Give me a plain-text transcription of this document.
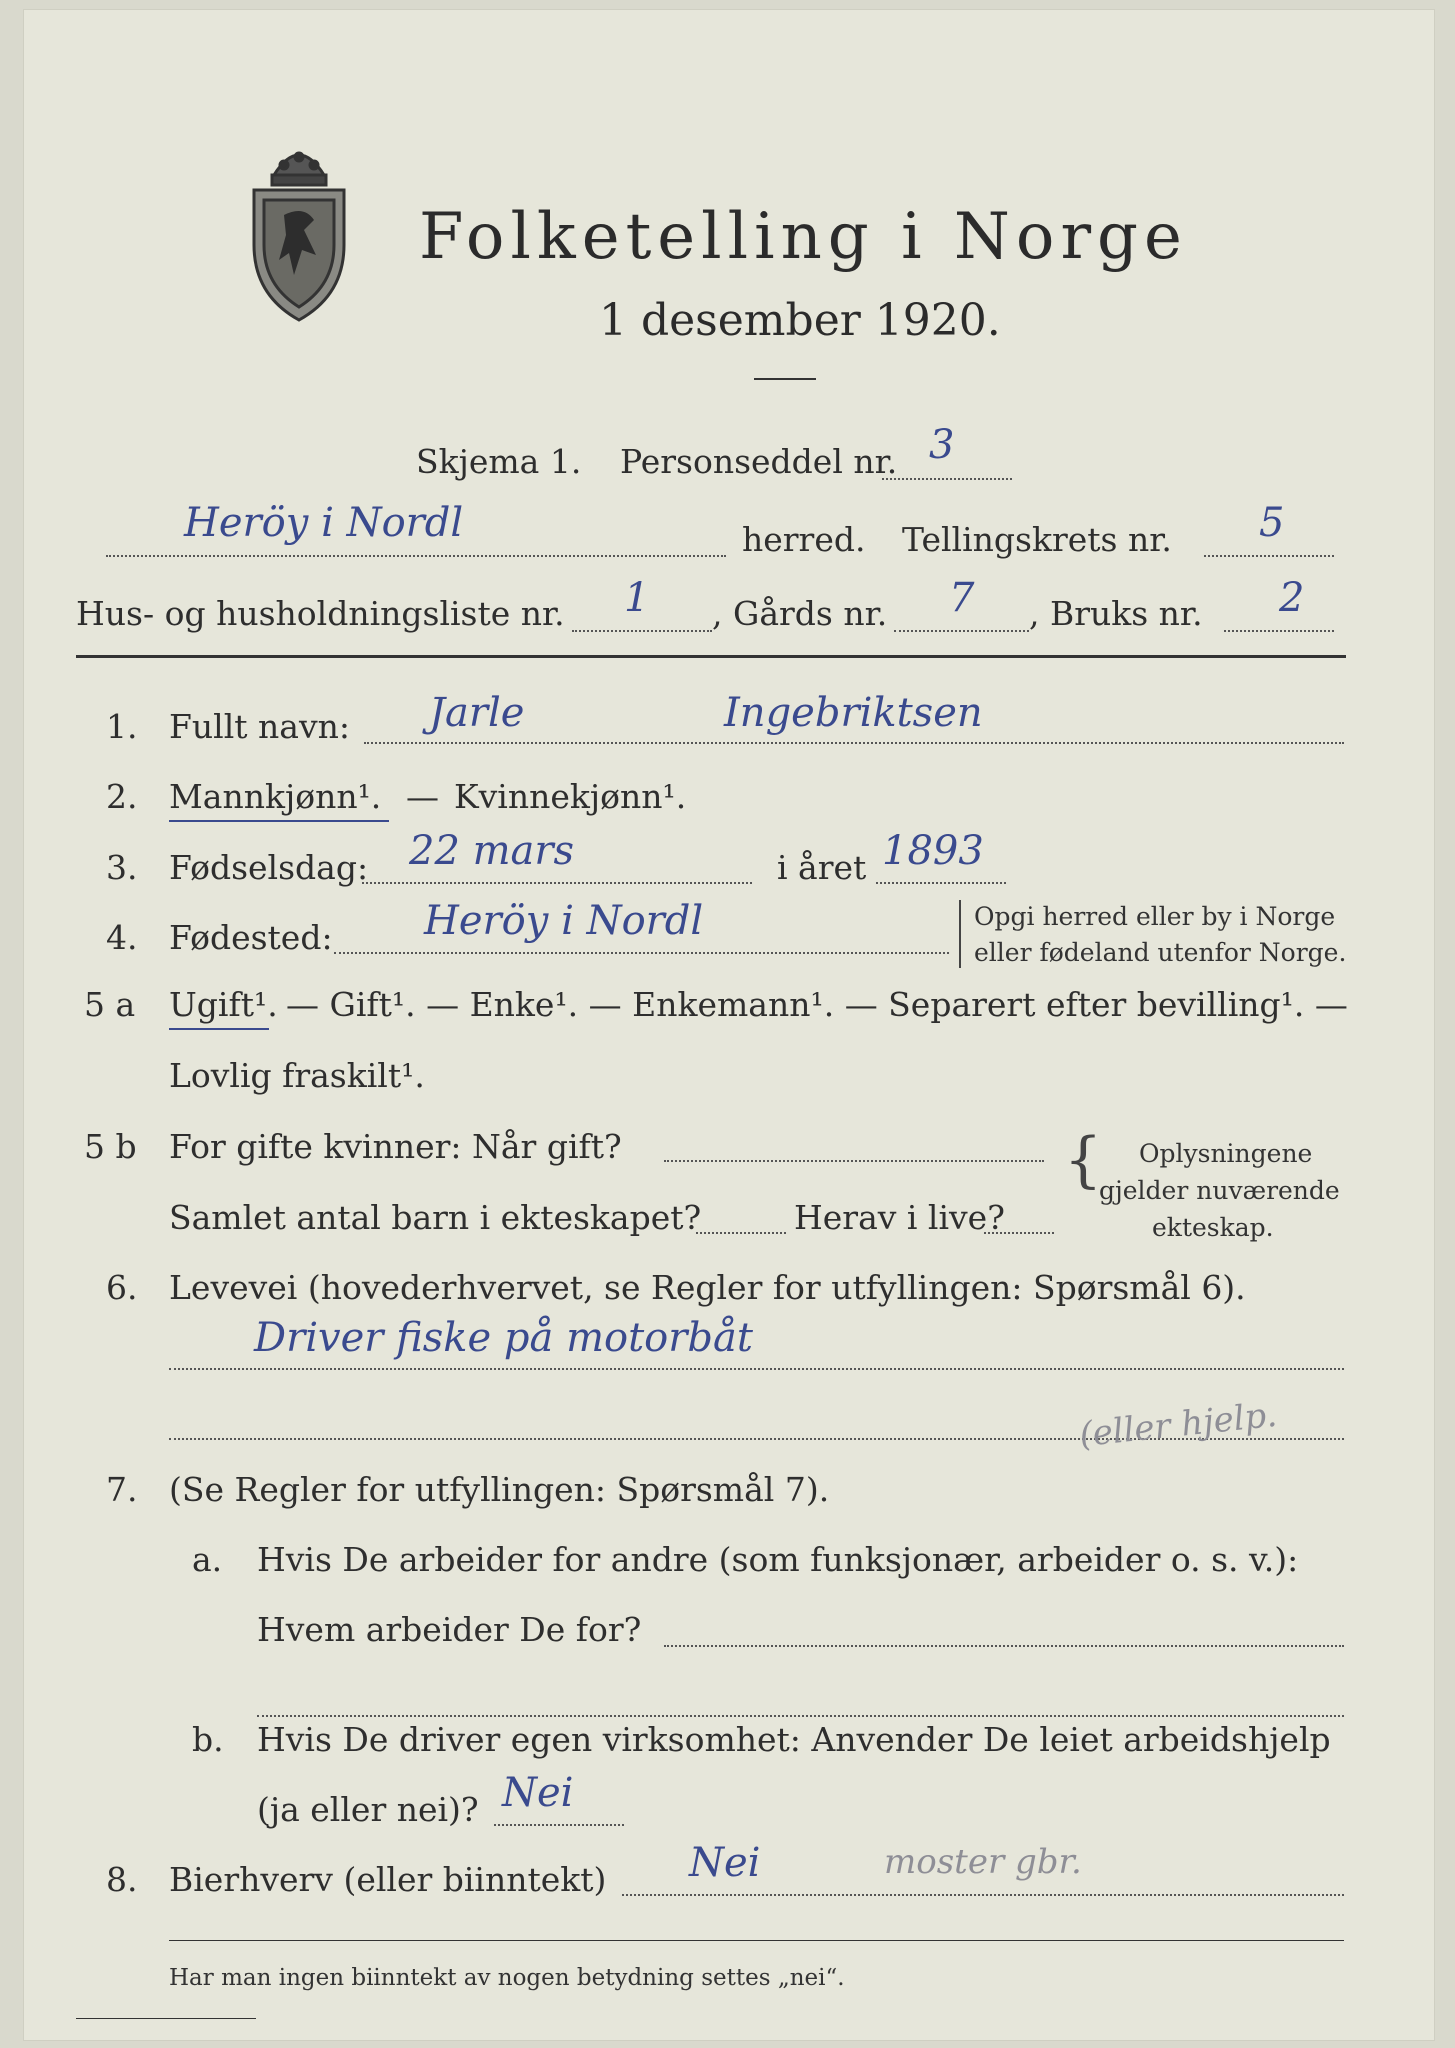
Folketelling i Norge
1 desember 1920.
Skjema 1. Personseddel nr. 3
Heröy i Nordl	herred. Tellingskrets nr. 5
Hus- og husholdningsliste nr. 1 , Gårds nr. 7 , Bruks nr. 2
1. Fullt navn: Jarle	Ingebriktsen
2. Mannkjønn¹. — Kvinnekjønn¹.
3. Fødselsdag: 22 mars	i året 1893
4. Fødested: Heröy i Nordl	Opgi herred eller by i Norge
eller fødeland utenfor Norge.
5 a Ugift¹. — Gift¹. — Enke¹. — Enkemann¹. — Separert efter bevilling¹. —
Lovlig fraskilt¹.
5 b For gifte kvinner: Når gift?
Samlet antal barn i ekteskapet?	Herav i live?
{ Oplysningene
gjelder nuværende
ekteskap.
6. Levevei (hovederhvervet, se Regler for utfyllingen: Spørsmål 6).
Driver fiske på motorbåt
(eller hjelp.
7. (Se Regler for utfyllingen: Spørsmål 7).
a. Hvis De arbeider for andre (som funksjonær, arbeider o. s. v.):
Hvem arbeider De for?
b. Hvis De driver egen virksomhet: Anvender De leiet arbeidshjelp
(ja eller nei)? Nei
8. Bierhverv (eller biinntekt) Nei	moster gbr.
Har man ingen biinntekt av nogen betydning settes „nei“.
